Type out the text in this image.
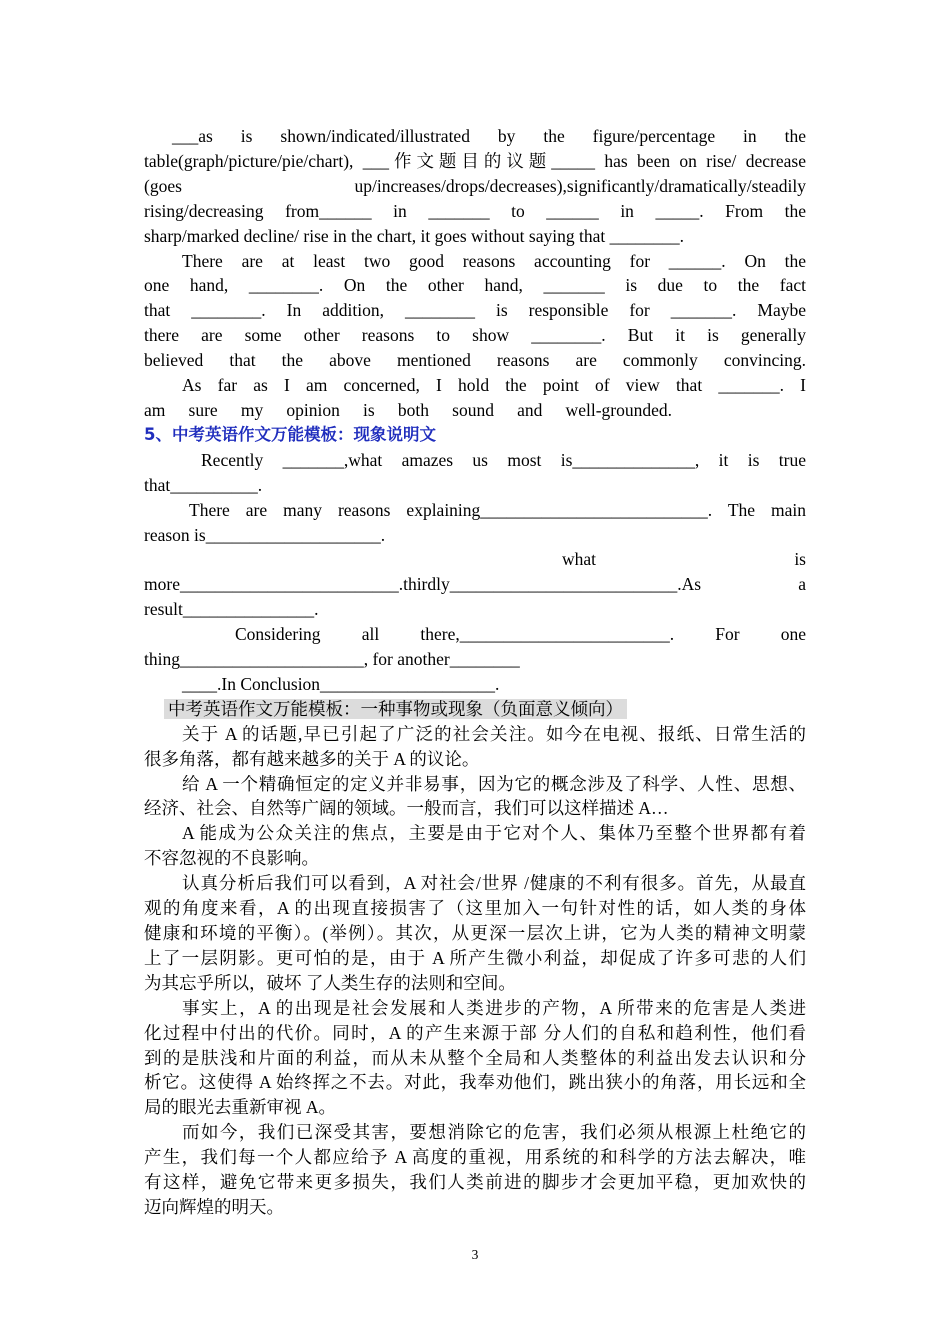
___as is shown/indicated/illustrated by the figure/percentage in the

table(graph/picture/pie/chart), ___作文题目的议题_____ has been on rise/ decrease

(goes up/increases/drops/decreases),significantly/dramatically/steadily

rising/decreasing from______ in _______ to ______ in _____. From the

sharp/marked decline/ rise in the chart, it goes without saying that ________.

There are at least two good reasons accounting for ______. On the

one hand, ________. On the other hand, _______ is due to the fact

that ________. In addition, ________ is responsible for _______. Maybe

there are some other reasons to show ________. But it is generally

believed that the above mentioned reasons are commonly convincing.

As far as I am concerned, I hold the point of view that _______. I

am sure my opinion is both sound and well-grounded.

5、中考英语作文万能模板：现象说明文

Recently _______,what amazes us most is______________, it is true

that__________.

There are many reasons explaining__________________________. The main

reason is____________________.

what is

more_________________________.thirdly__________________________.As a

result_______________.

Considering all there,________________________. For one

thing_____________________, for another________

____.In Conclusion____________________.

中考英语作文万能模板：一种事物或现象（负面意义倾向）

关于 A 的话题,早已引起了广泛的社会关注。如今在电视、报纸、日常生活的

很多角落，都有越来越多的关于 A 的议论。

给 A 一个精确恒定的定义并非易事，因为它的概念涉及了科学、人性、思想、

经济、社会、自然等广阔的领域。一般而言，我们可以这样描述 A…

A 能成为公众关注的焦点，主要是由于它对个人、集体乃至整个世界都有着

不容忽视的不良影响。

认真分析后我们可以看到，A 对社会/世界 /健康的不利有很多。首先，从最直

观的角度来看，A 的出现直接损害了（这里加入一句针对性的话，如人类的身体

健康和环境的平衡）。(举例）。其次，从更深一层次上讲，它为人类的精神文明蒙

上了一层阴影。更可怕的是，由于 A 所产生微小利益，却促成了许多可悲的人们

为其忘乎所以，破坏 了人类生存的法则和空间。

事实上，A 的出现是社会发展和人类进步的产物，A 所带来的危害是人类进

化过程中付出的代价。同时，A 的产生来源于部 分人们的自私和趋利性，他们看

到的是肤浅和片面的利益，而从未从整个全局和人类整体的利益出发去认识和分

析它。这使得 A 始终挥之不去。对此，我奉劝他们，跳出狭小的角落，用长远和全

局的眼光去重新审视 A。

而如今，我们已深受其害，要想消除它的危害，我们必须从根源上杜绝它的

产生，我们每一个人都应给予 A 高度的重视，用系统的和科学的方法去解决，唯

有这样，避免它带来更多损失，我们人类前进的脚步才会更加平稳，更加欢快的

迈向辉煌的明天。

3
